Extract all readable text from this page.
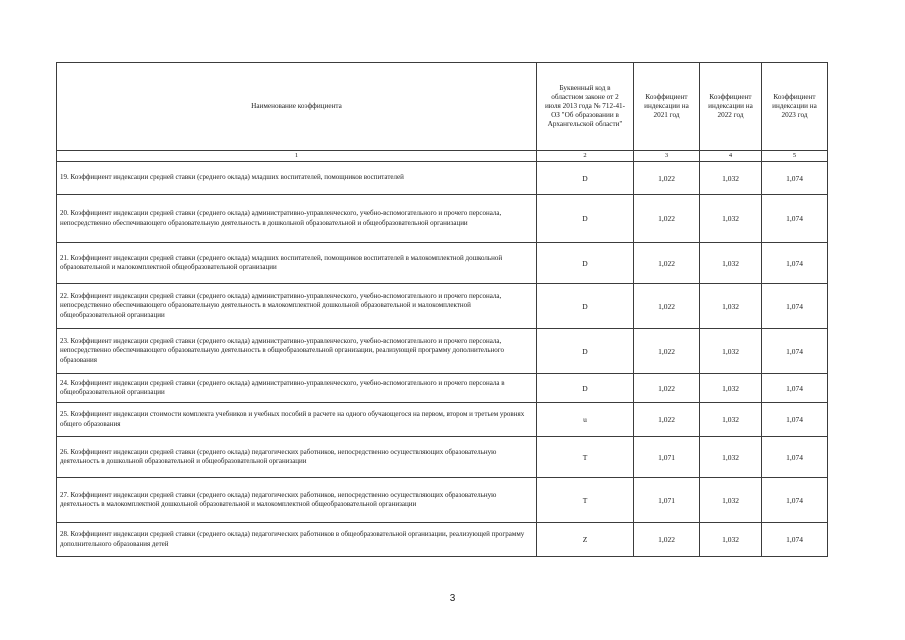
Наименование коэффициента	Буквенный код в областном законе от 2 июля 2013 года № 712-41-ОЗ "Об образовании в Архангельской области"	Коэффициент индексации на 2021 год	Коэффициент индексации на 2022 год	Коэффициент индексации на 2023 год
1	2	3	4	5
19. Коэффициент индексации средней ставки (среднего оклада) младших воспитателей, помощников воспитателей	D	1,022	1,032	1,074
20. Коэффициент индексации средней ставки (среднего оклада) административно-управленческого, учебно-вспомогательного и прочего персонала, непосредственно обеспечивающего образовательную деятельность в дошкольной образовательной и общеобразовательной организации	D	1,022	1,032	1,074
21. Коэффициент индексации средней ставки (среднего оклада) младших воспитателей, помощников воспитателей в малокомплектной дошкольной образовательной и малокомплектной общеобразовательной организации	D	1,022	1,032	1,074
22. Коэффициент индексации средней ставки (среднего оклада) административно-управленческого, учебно-вспомогательного и прочего персонала, непосредственно обеспечивающего образовательную деятельность в малокомплектной дошкольной образовательной и малокомплектной общеобразовательной организации	D	1,022	1,032	1,074
23. Коэффициент индексации средней ставки (среднего оклада) административно-управленческого, учебно-вспомогательного и прочего персонала, непосредственно обеспечивающего образовательную деятельность в общеобразовательной организации, реализующей программу дополнительного образования	D	1,022	1,032	1,074
24. Коэффициент индексации средней ставки (среднего оклада) административно-управленческого, учебно-вспомогательного и прочего персонала в общеобразовательной организации	D	1,022	1,032	1,074
25. Коэффициент индексации стоимости комплекта учебников и учебных пособий в расчете на одного обучающегося на первом, втором и третьем уровнях общего образования	u	1,022	1,032	1,074
26. Коэффициент индексации средней ставки (среднего оклада) педагогических работников, непосредственно осуществляющих образовательную деятельность в дошкольной образовательной и общеобразовательной организации	T	1,071	1,032	1,074
27. Коэффициент индексации средней ставки (среднего оклада) педагогических работников, непосредственно осуществляющих образовательную деятельность в малокомплектной дошкольной образовательной и малокомплектной общеобразовательной организации	T	1,071	1,032	1,074
28. Коэффициент индексации средней ставки (среднего оклада) педагогических работников в общеобразовательной организации, реализующей программу дополнительного образования детей	Z	1,022	1,032	1,074
3
